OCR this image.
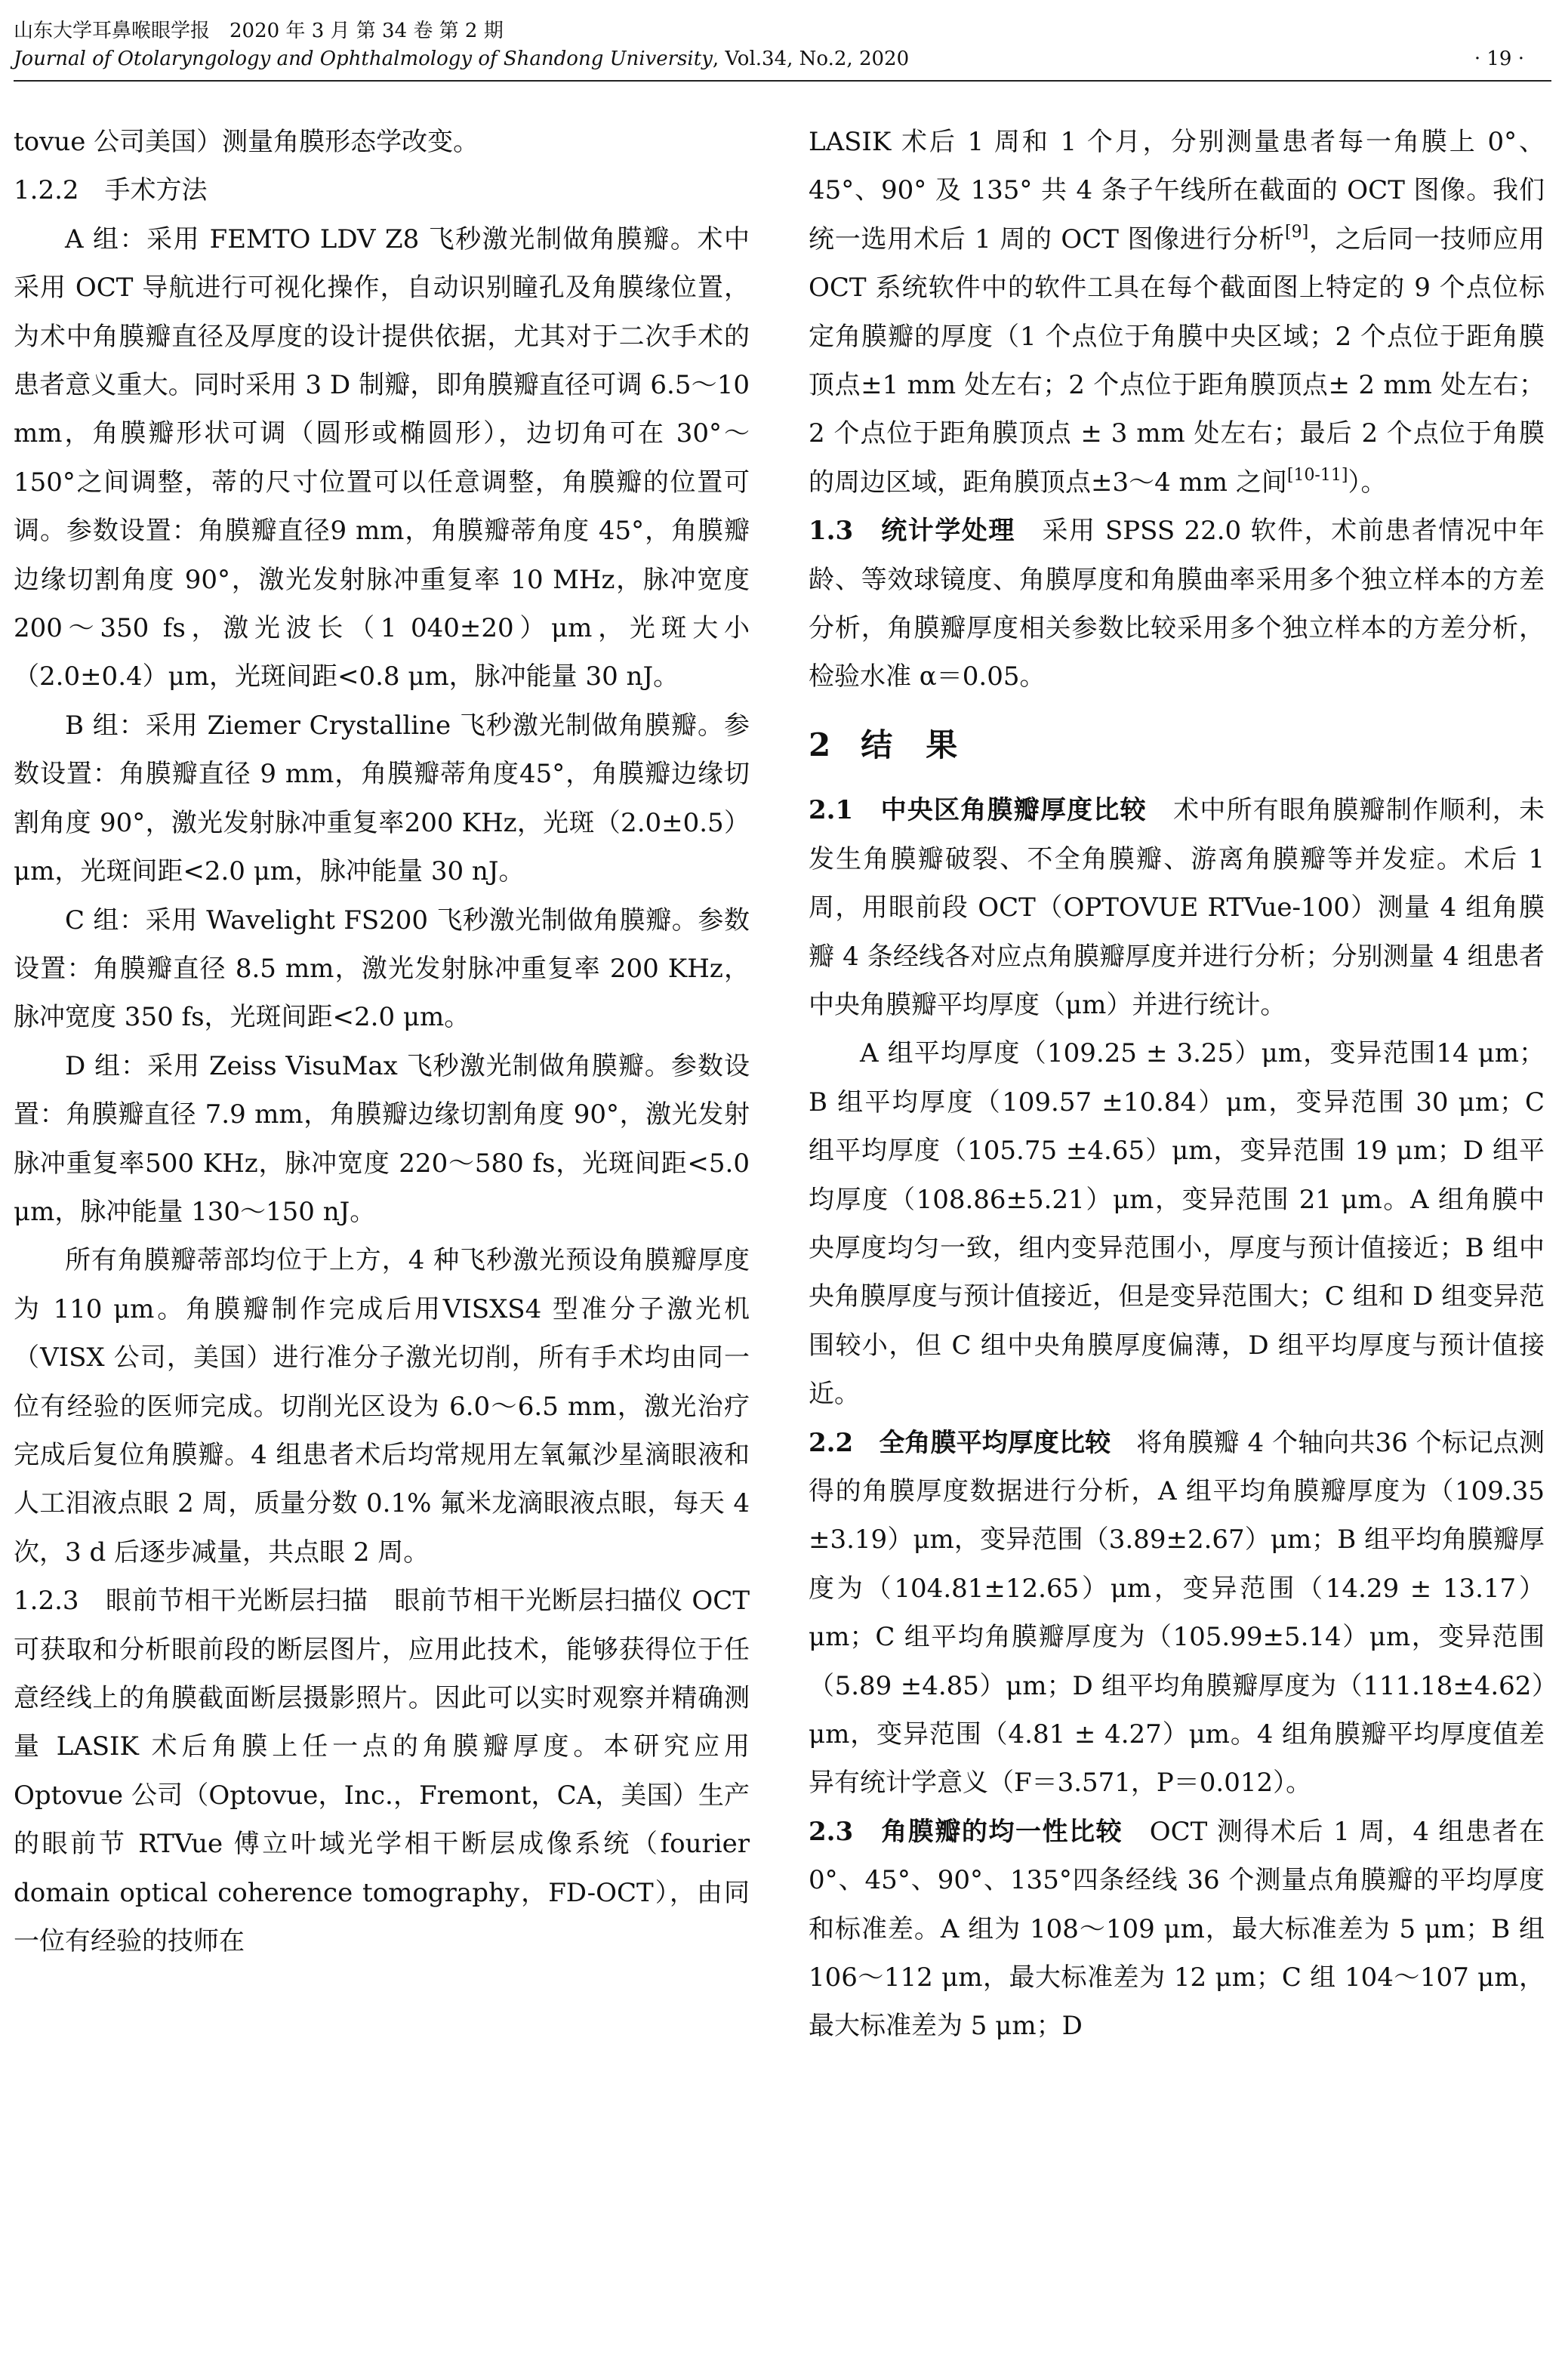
山东大学耳鼻喉眼学报　2020 年 3 月 第 34 卷 第 2 期
Journal of Otolaryngology and Ophthalmology of Shandong University, Vol.34, No.2, 2020	· 19 ·

tovue 公司美国）测量角膜形态学改变。

1.2.2　手术方法

A 组：采用 FEMTO LDV Z8 飞秒激光制做角膜瓣。术中采用 OCT 导航进行可视化操作，自动识别瞳孔及角膜缘位置，为术中角膜瓣直径及厚度的设计提供依据，尤其对于二次手术的患者意义重大。同时采用 3 D 制瓣，即角膜瓣直径可调 6.5～10 mm，角膜瓣形状可调（圆形或椭圆形），边切角可在 30°～150°之间调整，蒂的尺寸位置可以任意调整，角膜瓣的位置可调。参数设置：角膜瓣直径9 mm，角膜瓣蒂角度 45°，角膜瓣边缘切割角度 90°，激光发射脉冲重复率 10 MHz，脉冲宽度 200～350 fs，激光波长（1 040±20）μm，光斑大小（2.0±0.4）μm，光斑间距<0.8 μm，脉冲能量 30 nJ。

B 组：采用 Ziemer Crystalline 飞秒激光制做角膜瓣。参数设置：角膜瓣直径 9 mm，角膜瓣蒂角度45°，角膜瓣边缘切割角度 90°，激光发射脉冲重复率200 KHz，光斑（2.0±0.5）μm，光斑间距<2.0 μm，脉冲能量 30 nJ。

C 组：采用 Wavelight FS200 飞秒激光制做角膜瓣。参数设置：角膜瓣直径 8.5 mm，激光发射脉冲重复率 200 KHz，脉冲宽度 350 fs，光斑间距<2.0 μm。

D 组：采用 Zeiss VisuMax 飞秒激光制做角膜瓣。参数设置：角膜瓣直径 7.9 mm，角膜瓣边缘切割角度 90°，激光发射脉冲重复率500 KHz，脉冲宽度 220～580 fs，光斑间距<5.0 μm，脉冲能量 130～150 nJ。

所有角膜瓣蒂部均位于上方，4 种飞秒激光预设角膜瓣厚度为 110 μm。角膜瓣制作完成后用VISXS4 型准分子激光机（VISX 公司，美国）进行准分子激光切削，所有手术均由同一位有经验的医师完成。切削光区设为 6.0～6.5 mm，激光治疗完成后复位角膜瓣。4 组患者术后均常规用左氧氟沙星滴眼液和人工泪液点眼 2 周，质量分数 0.1% 氟米龙滴眼液点眼，每天 4 次，3 d 后逐步减量，共点眼 2 周。

1.2.3　眼前节相干光断层扫描　 眼前节相干光断层扫描仪 OCT 可获取和分析眼前段的断层图片，应用此技术，能够获得位于任意经线上的角膜截面断层摄影照片。因此可以实时观察并精确测量 LASIK 术后角膜上任一点的角膜瓣厚度。本研究应用 Optovue 公司（Optovue，Inc.，Fremont，CA，美国）生产的眼前节 RTVue 傅立叶域光学相干断层成像系统（fourier domain optical coherence tomography，FD-OCT），由同一位有经验的技师在

LASIK 术后 1 周和 1 个月，分别测量患者每一角膜上 0°、45°、90° 及 135° 共 4 条子午线所在截面的 OCT 图像。我们统一选用术后 1 周的 OCT 图像进行分析[9]，之后同一技师应用 OCT 系统软件中的软件工具在每个截面图上特定的 9 个点位标定角膜瓣的厚度（1 个点位于角膜中央区域；2 个点位于距角膜顶点±1 mm 处左右；2 个点位于距角膜顶点± 2 mm 处左右；2 个点位于距角膜顶点 ± 3 mm 处左右；最后 2 个点位于角膜的周边区域，距角膜顶点±3～4 mm 之间[10-11]）。

1.3　统计学处理　 采用 SPSS 22.0 软件，术前患者情况中年龄、等效球镜度、角膜厚度和角膜曲率采用多个独立样本的方差分析，角膜瓣厚度相关参数比较采用多个独立样本的方差分析，检验水准 α＝0.05。

2 结 果

2.1　中央区角膜瓣厚度比较　 术中所有眼角膜瓣制作顺利，未发生角膜瓣破裂、不全角膜瓣、游离角膜瓣等并发症。术后 1 周，用眼前段 OCT（OPTOVUE RTVue-100）测量 4 组角膜瓣 4 条经线各对应点角膜瓣厚度并进行分析；分别测量 4 组患者中央角膜瓣平均厚度（μm）并进行统计。

A 组平均厚度（109.25 ± 3.25）μm，变异范围14 μm；B 组平均厚度（109.57 ±10.84）μm，变异范围 30 μm；C 组平均厚度（105.75 ±4.65）μm，变异范围 19 μm；D 组平均厚度（108.86±5.21）μm，变异范围 21 μm。A 组角膜中央厚度均匀一致，组内变异范围小，厚度与预计值接近；B 组中央角膜厚度与预计值接近，但是变异范围大；C 组和 D 组变异范围较小，但 C 组中央角膜厚度偏薄，D 组平均厚度与预计值接近。

2.2　全角膜平均厚度比较　 将角膜瓣 4 个轴向共36 个标记点测得的角膜厚度数据进行分析，A 组平均角膜瓣厚度为（109.35 ±3.19）μm，变异范围（3.89±2.67）μm；B 组平均角膜瓣厚度为（104.81±12.65）μm，变异范围（14.29 ± 13.17）μm；C 组平均角膜瓣厚度为（105.99±5.14）μm，变异范围（5.89 ±4.85）μm；D 组平均角膜瓣厚度为（111.18±4.62）μm，变异范围（4.81 ± 4.27）μm。4 组角膜瓣平均厚度值差异有统计学意义（F＝3.571，P＝0.012）。

2.3　角膜瓣的均一性比较　 OCT 测得术后 1 周，4 组患者在 0°、45°、90°、135°四条经线 36 个测量点角膜瓣的平均厚度和标准差。A 组为 108～109 μm，最大标准差为 5 μm；B 组 106～112 μm，最大标准差为 12 μm；C 组 104～107 μm，最大标准差为 5 μm；D
